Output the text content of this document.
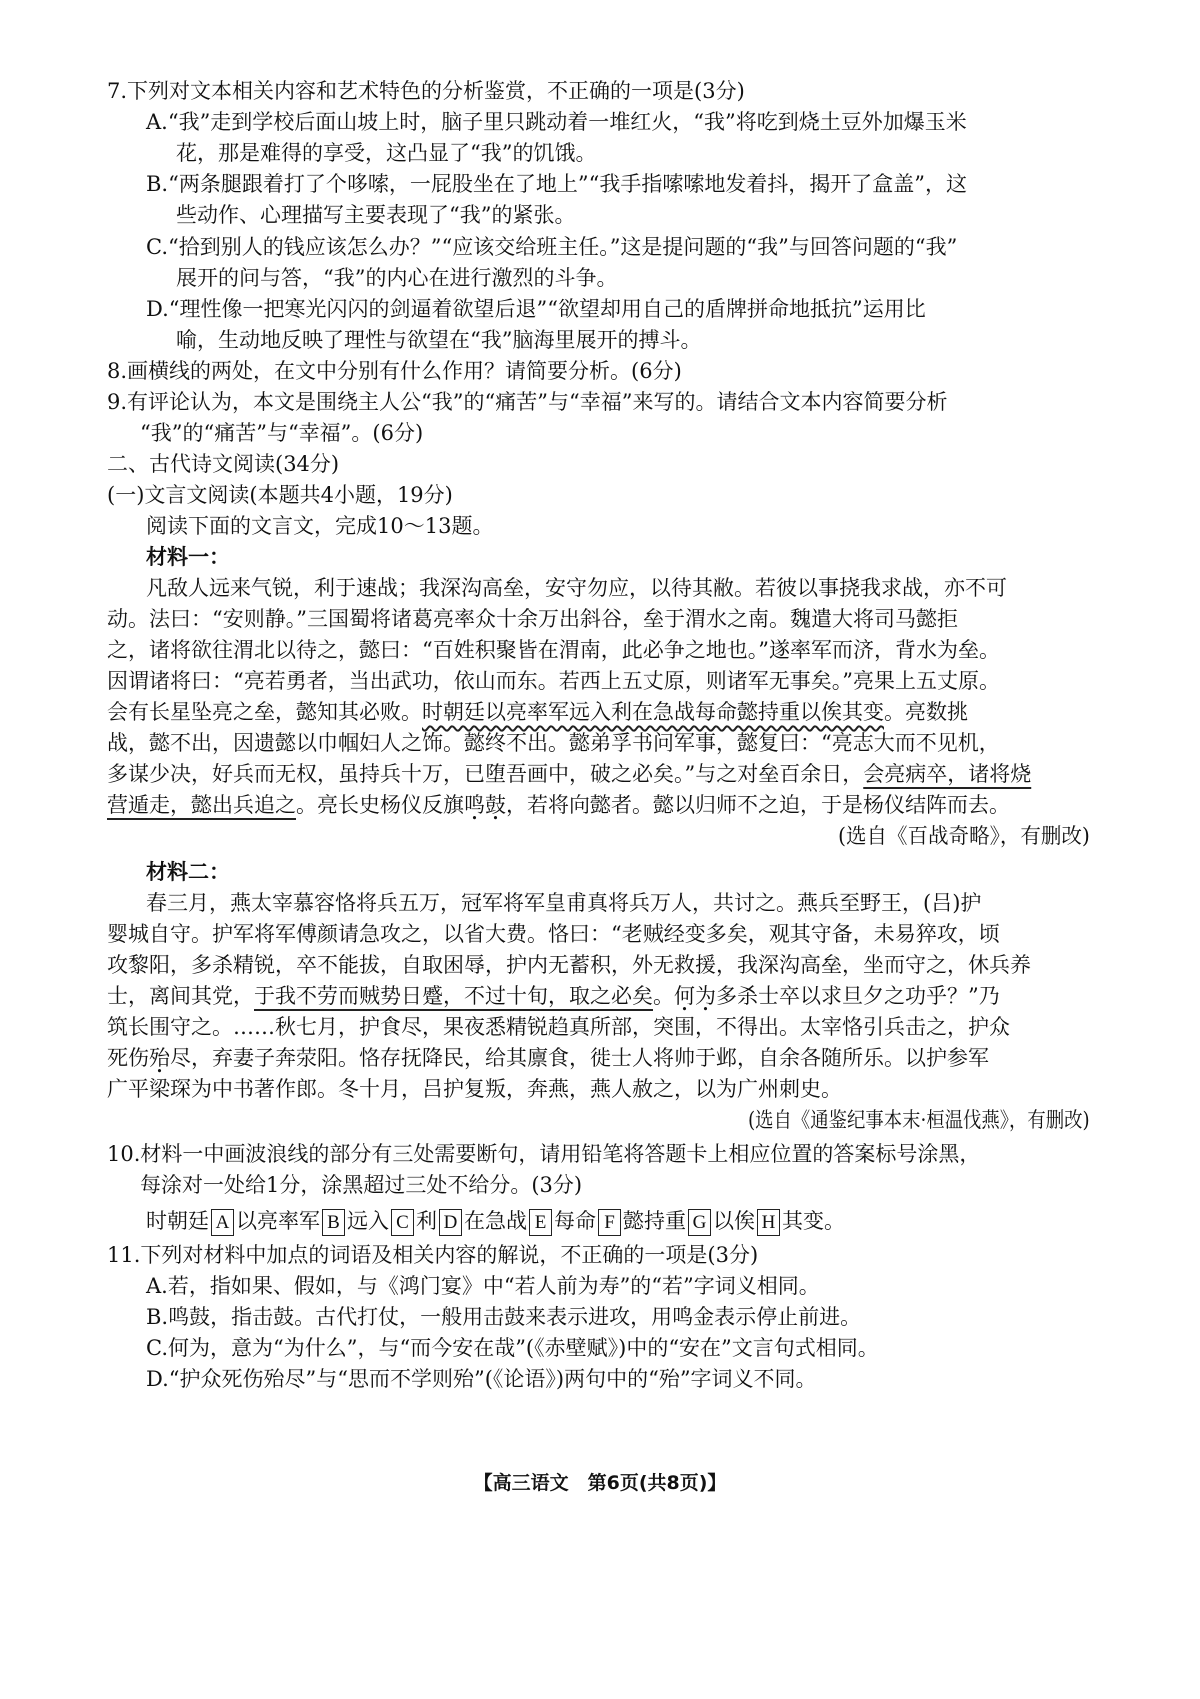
7.下列对文本相关内容和艺术特色的分析鉴赏，不正确的一项是(3分)
A.“我”走到学校后面山坡上时，脑子里只跳动着一堆红火，“我”将吃到烧土豆外加爆玉米
花，那是难得的享受，这凸显了“我”的饥饿。
B.“两条腿跟着打了个哆嗦，一屁股坐在了地上”“我手指嗦嗦地发着抖，揭开了盒盖”，这
些动作、心理描写主要表现了“我”的紧张。
C.“拾到别人的钱应该怎么办？”“应该交给班主任。”这是提问题的“我”与回答问题的“我”
展开的问与答，“我”的内心在进行激烈的斗争。
D.“理性像一把寒光闪闪的剑逼着欲望后退”“欲望却用自己的盾牌拼命地抵抗”运用比
喻，生动地反映了理性与欲望在“我”脑海里展开的搏斗。
8.画横线的两处，在文中分别有什么作用？请简要分析。(6分)
9.有评论认为，本文是围绕主人公“我”的“痛苦”与“幸福”来写的。请结合文本内容简要分析
“我”的“痛苦”与“幸福”。(6分)
二、古代诗文阅读(34分)
(一)文言文阅读(本题共4小题，19分)
阅读下面的文言文，完成10～13题。
材料一：
凡敌人远来气锐，利于速战；我深沟高垒，安守勿应，以待其敝。若彼以事挠我求战，亦不可
动。法曰：“安则静。”三国蜀将诸葛亮率众十余万出斜谷，垒于渭水之南。魏遣大将司马懿拒
之，诸将欲往渭北以待之，懿曰：“百姓积聚皆在渭南，此必争之地也。”遂率军而济，背水为垒。
因谓诸将曰：“亮若勇者，当出武功，依山而东。若西上五丈原，则诸军无事矣。”亮果上五丈原。
会有长星坠亮之垒，懿知其必败。时朝廷以亮率军远入利在急战每命懿持重以俟其变。亮数挑
战，懿不出，因遗懿以巾帼妇人之饰。懿终不出。懿弟孚书问军事，懿复曰：“亮志大而不见机，
多谋少决，好兵而无权，虽持兵十万，已堕吾画中，破之必矣。”与之对垒百余日，会亮病卒，诸将烧
营遁走，懿出兵追之。亮长史杨仪反旗鸣鼓，若将向懿者。懿以归师不之迫，于是杨仪结阵而去。
(选自《百战奇略》，有删改)
材料二：
春三月，燕太宰慕容恪将兵五万，冠军将军皇甫真将兵万人，共讨之。燕兵至野王，(吕)护
婴城自守。护军将军傅颜请急攻之，以省大费。恪曰：“老贼经变多矣，观其守备，未易猝攻，顷
攻黎阳，多杀精锐，卒不能拔，自取困辱，护内无蓄积，外无救援，我深沟高垒，坐而守之，休兵养
士，离间其党，于我不劳而贼势日蹙，不过十旬，取之必矣。何为多杀士卒以求旦夕之功乎？”乃
筑长围守之。……秋七月，护食尽，果夜悉精锐趋真所部，突围，不得出。太宰恪引兵击之，护众
死伤殆尽，弃妻子奔荥阳。恪存抚降民，给其廪食，徙士人将帅于邺，自余各随所乐。以护参军
广平梁琛为中书著作郎。冬十月，吕护复叛，奔燕，燕人赦之，以为广州刺史。
(选自《通鉴纪事本末·桓温伐燕》，有删改)
10.材料一中画波浪线的部分有三处需要断句，请用铅笔将答题卡上相应位置的答案标号涂黑，
每涂对一处给1分，涂黑超过三处不给分。(3分)
时朝廷 A 以亮率军 B 远入 C 利 D 在急战 E 每命 F 懿持重 G 以俟 H 其变。
11.下列对材料中加点的词语及相关内容的解说，不正确的一项是(3分)
A.若，指如果、假如，与《鸿门宴》中“若人前为寿”的“若”字词义相同。
B.鸣鼓，指击鼓。古代打仗，一般用击鼓来表示进攻，用鸣金表示停止前进。
C.何为，意为“为什么”，与“而今安在哉”(《赤壁赋》)中的“安在”文言句式相同。
D.“护众死伤殆尽”与“思而不学则殆”(《论语》)两句中的“殆”字词义不同。
【高三语文　第6页(共8页)】
